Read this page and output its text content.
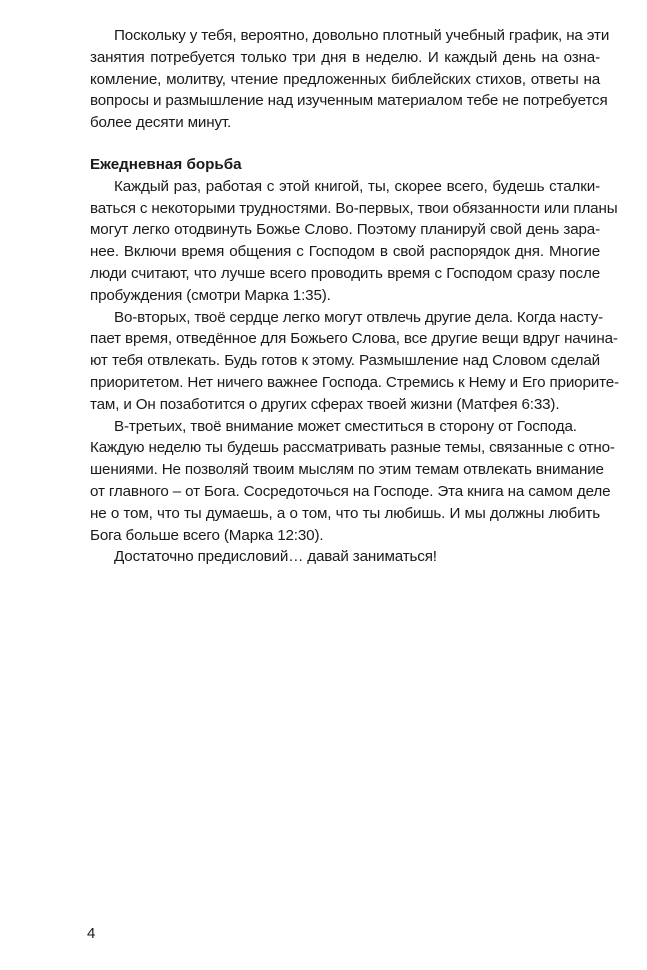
Поскольку у тебя, вероятно, довольно плотный учебный график, на эти
занятия потребуется только три дня в неделю. И каждый день на озна-
комление, молитву, чтение предложенных библейских стихов, ответы на
вопросы и размышление над изученным материалом тебе не потребуется
более десяти минут.
Ежедневная борьба
Каждый раз, работая с этой книгой, ты, скорее всего, будешь сталки-
ваться с некоторыми трудностями. Во-первых, твои обязанности или планы
могут легко отодвинуть Божье Слово. Поэтому планируй свой день зара-
нее. Включи время общения с Господом в свой распорядок дня. Многие
люди считают, что лучше всего проводить время с Господом сразу после
пробуждения (смотри Марка 1:35).
Во-вторых, твоё сердце легко могут отвлечь другие дела. Когда насту-
пает время, отведённое для Божьего Слова, все другие вещи вдруг начина-
ют тебя отвлекать. Будь готов к этому. Размышление над Словом сделай
приоритетом. Нет ничего важнее Господа. Стремись к Нему и Его приорите-
там, и Он позаботится о других сферах твоей жизни (Матфея 6:33).
В-третьих, твоё внимание может сместиться в сторону от Господа.
Каждую неделю ты будешь рассматривать разные темы, связанные с отно-
шениями. Не позволяй твоим мыслям по этим темам отвлекать внимание
от главного – от Бога. Сосредоточься на Господе. Эта книга на самом деле
не о том, что ты думаешь, а о том, что ты любишь. И мы должны любить
Бога больше всего (Марка 12:30).
Достаточно предисловий… давай заниматься!
4
